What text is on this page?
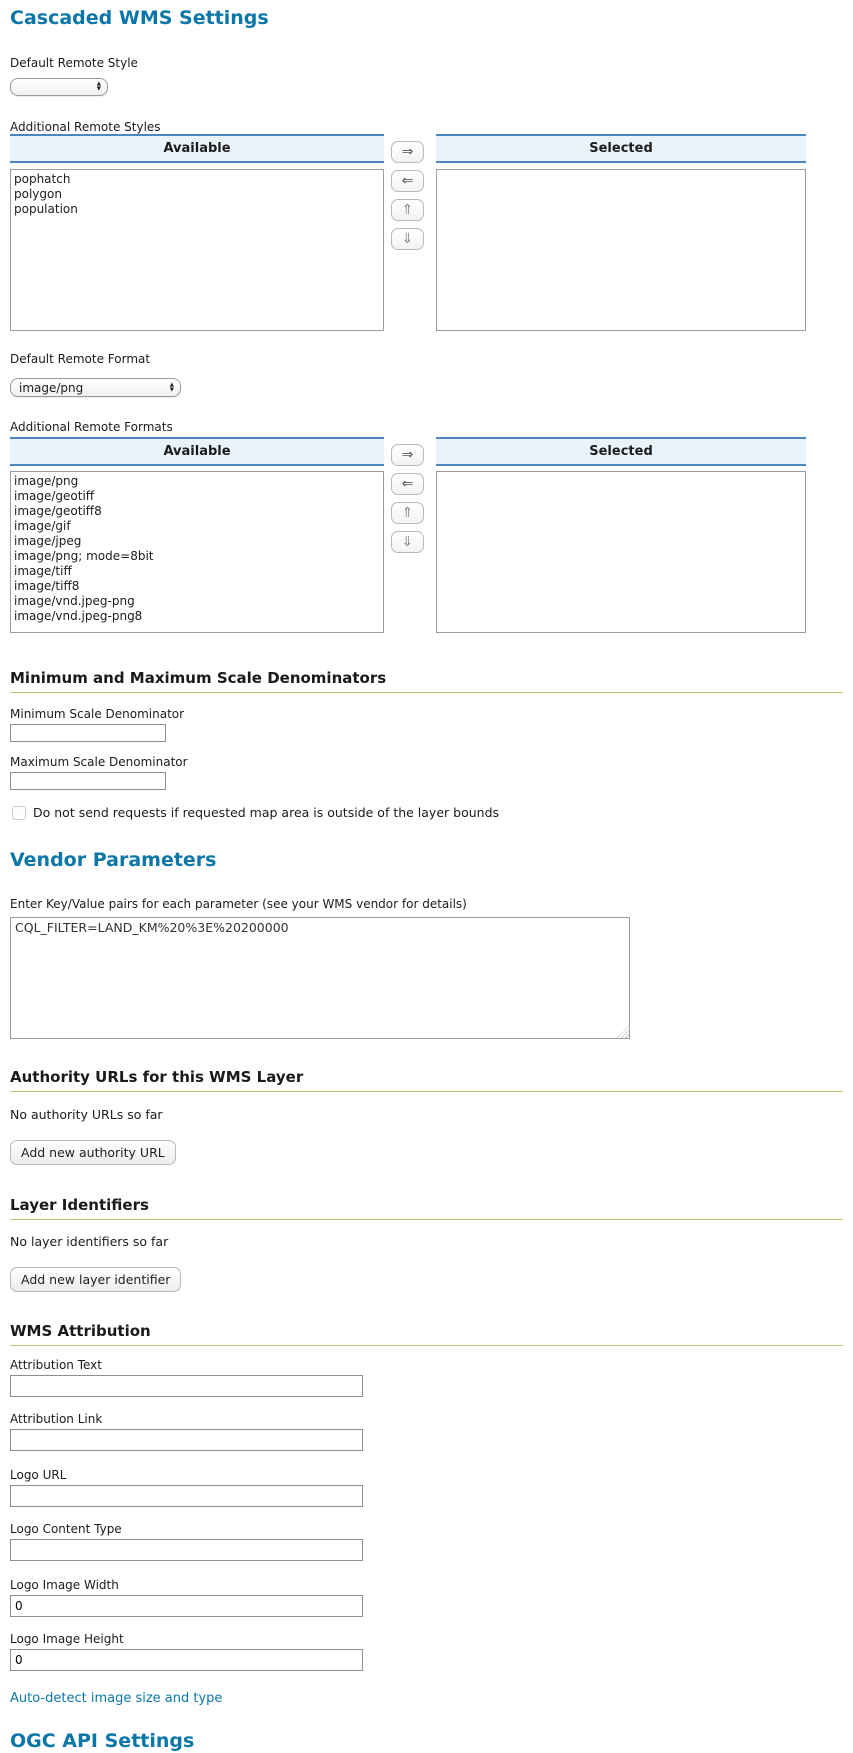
Cascaded WMS Settings
Default Remote Style
▲
▼
Additional Remote Styles
Available
pophatch
polygon
population
⇒
⇐
⇑
⇓
Selected
Default Remote Format
image/png	▲
▼
Additional Remote Formats
Available
image/png
image/geotiff
image/geotiff8
image/gif
image/jpeg
image/png; mode=8bit
image/tiff
image/tiff8
image/vnd.jpeg-png
image/vnd.jpeg-png8
⇒
⇐
⇑
⇓
Selected
Minimum and Maximum Scale Denominators
Minimum Scale Denominator
Maximum Scale Denominator
Do not send requests if requested map area is outside of the layer bounds
Vendor Parameters
Enter Key/Value pairs for each parameter (see your WMS vendor for details)
CQL_FILTER=LAND_KM%20%3E%20200000
Authority URLs for this WMS Layer
No authority URLs so far
Add new authority URL
Layer Identifiers
No layer identifiers so far
Add new layer identifier
WMS Attribution
Attribution Text
Attribution Link
Logo URL
Logo Content Type
Logo Image Width
0
Logo Image Height
0
Auto-detect image size and type
OGC API Settings
